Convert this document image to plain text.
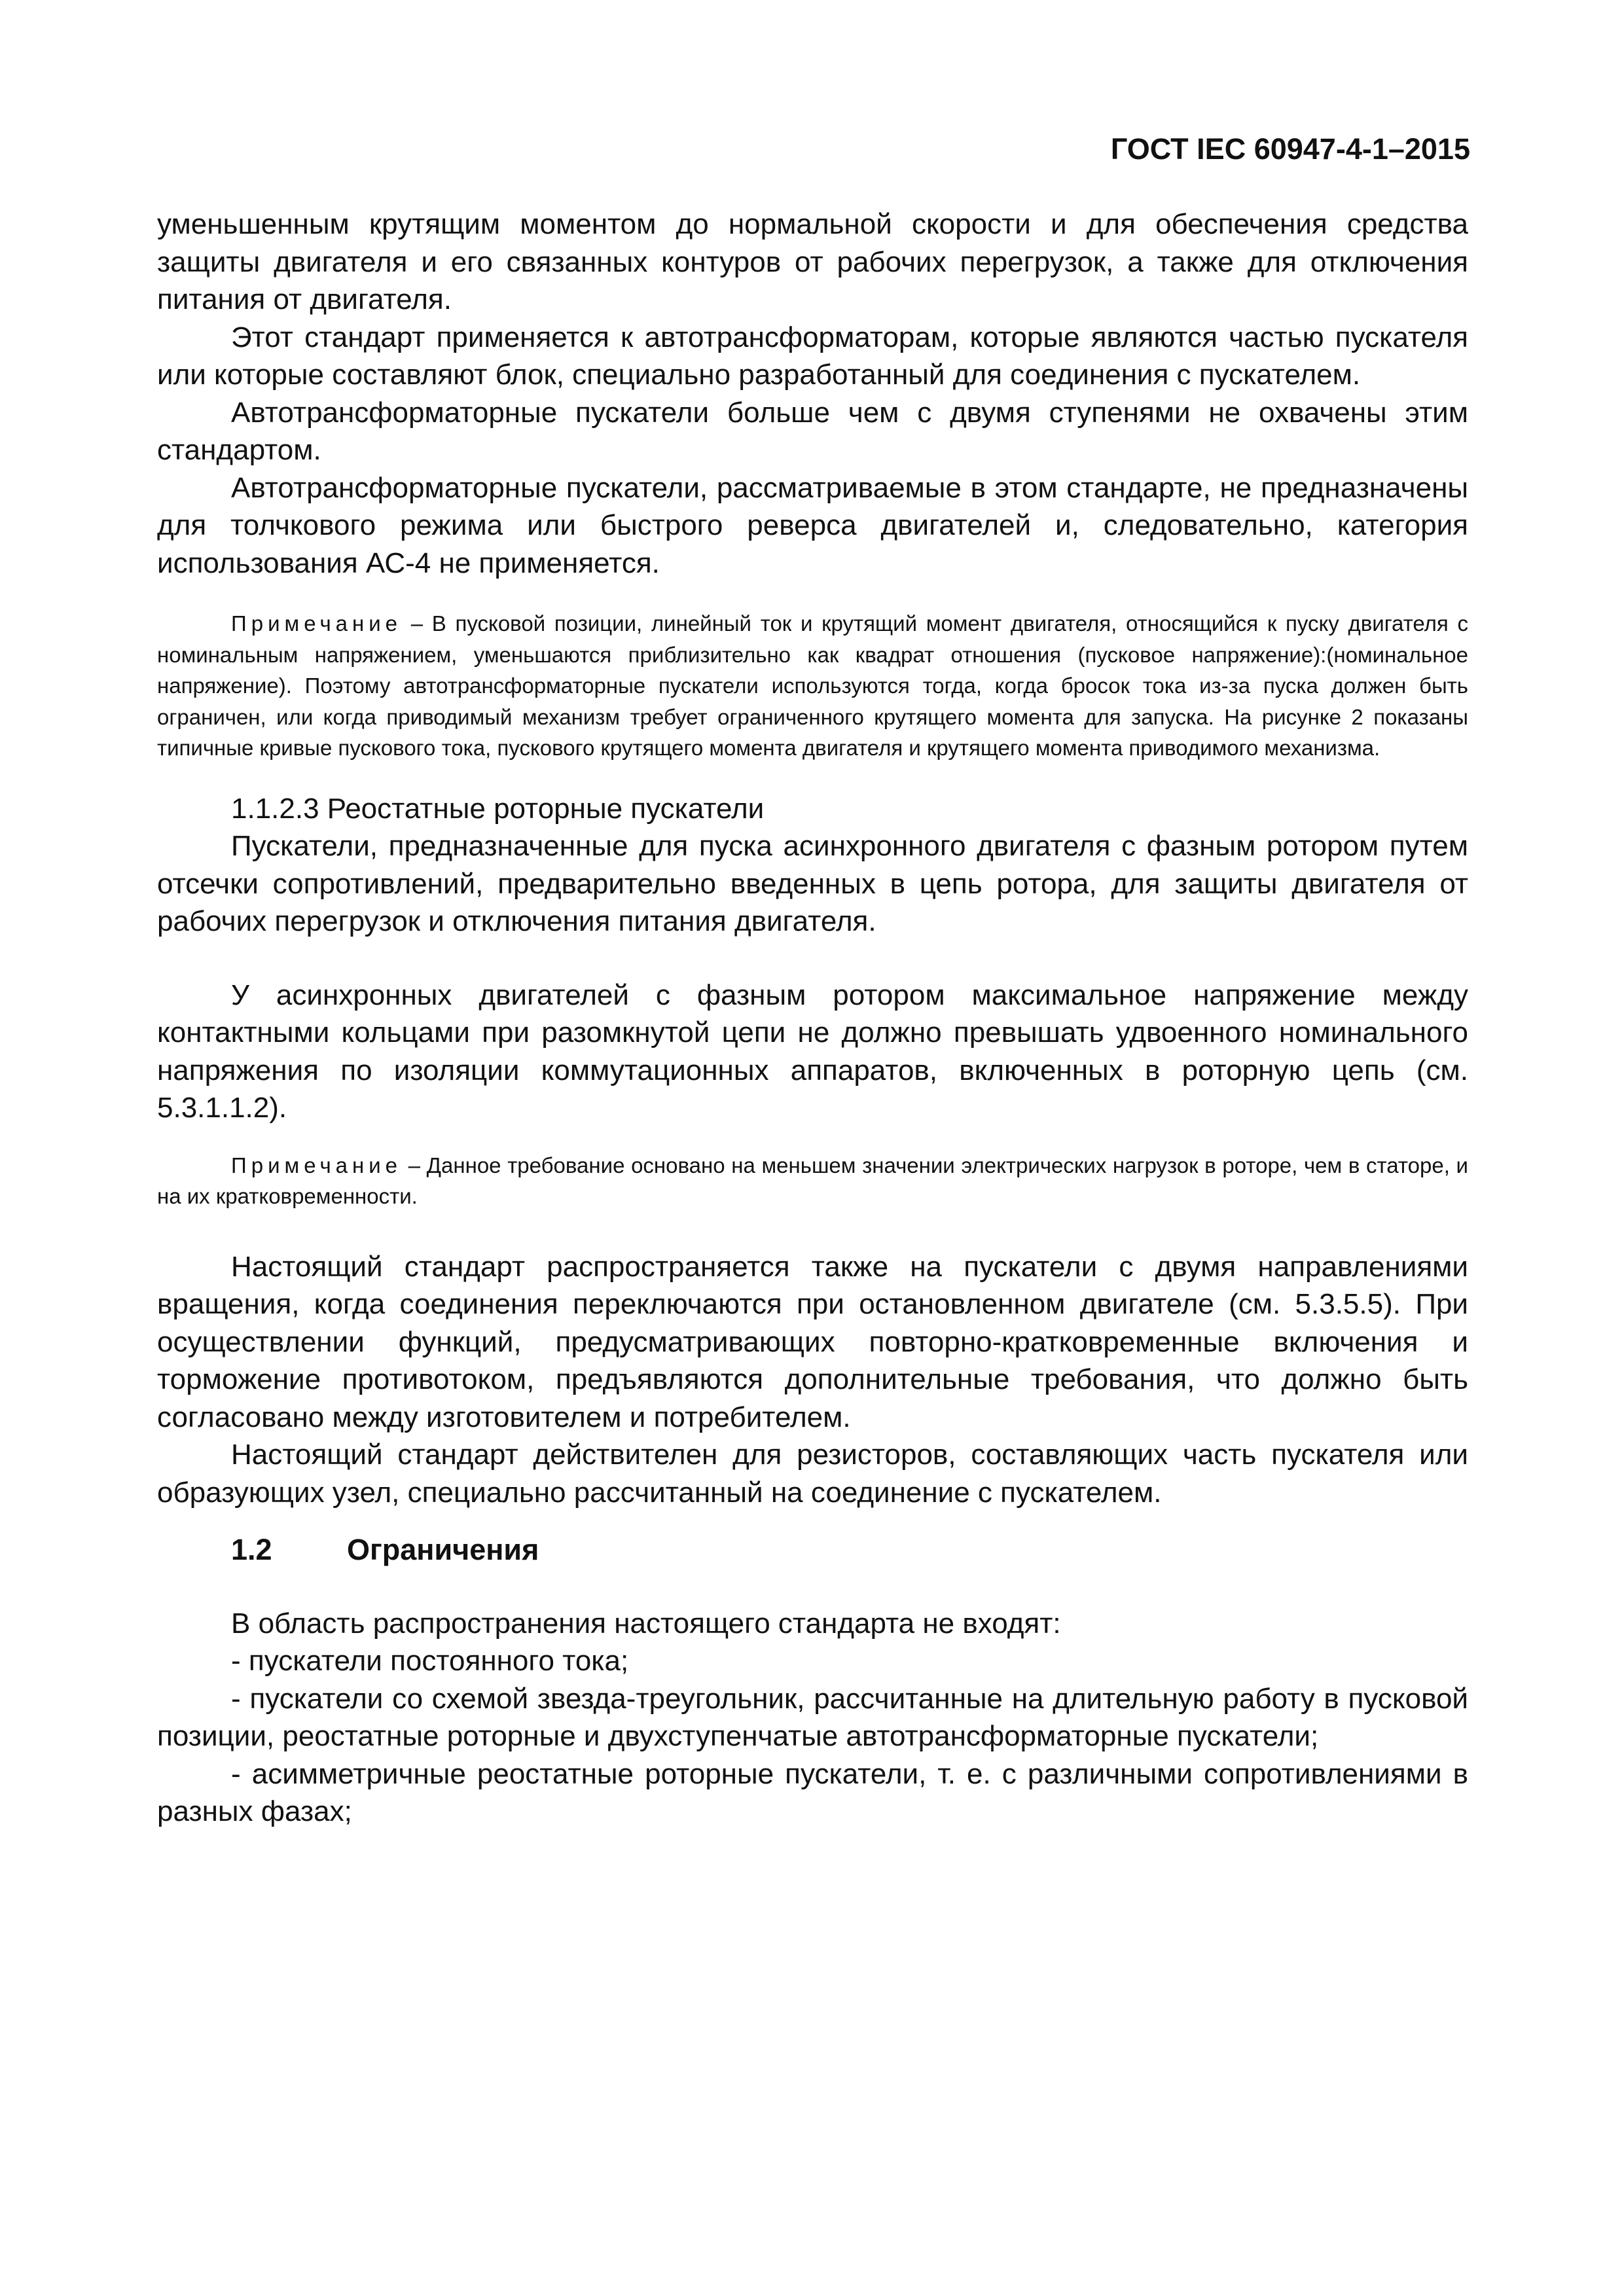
ГОСТ IEC 60947-4-1–2015

уменьшенным крутящим моментом до нормальной скорости и для обеспечения средства защиты двигателя и его связанных контуров от рабочих перегрузок, а также для отключения питания от двигателя.

Этот стандарт применяется к автотрансформаторам, которые являются частью пускателя или которые составляют блок, специально разработанный для соединения с пускателем.

Автотрансформаторные пускатели больше чем с двумя ступенями не охвачены этим стандартом.

Автотрансформаторные пускатели, рассматриваемые в этом стандарте, не предназначены для толчкового режима или быстрого реверса двигателей и, следовательно, категория использования АС-4 не применяется.

Примечание – В пусковой позиции, линейный ток и крутящий момент двигателя, относящийся к пуску двигателя с номинальным напряжением, уменьшаются приблизительно как квадрат отношения (пусковое напряжение):(номинальное напряжение). Поэтому автотрансформаторные пускатели используются тогда, когда бросок тока из-за пуска должен быть ограничен, или когда приводимый механизм требует ограниченного крутящего момента для запуска. На рисунке 2 показаны типичные кривые пускового тока, пускового крутящего момента двигателя и крутящего момента приводимого механизма.

1.1.2.3 Реостатные роторные пускатели

Пускатели, предназначенные для пуска асинхронного двигателя с фазным ротором путем отсечки сопротивлений, предварительно введенных в цепь ротора, для защиты двигателя от рабочих перегрузок и отключения питания двигателя.

У асинхронных двигателей с фазным ротором максимальное напряжение между контактными кольцами при разомкнутой цепи не должно превышать удвоенного номинального напряжения по изоляции коммутационных аппаратов, включенных в роторную цепь (см. 5.3.1.1.2).

Примечание – Данное требование основано на меньшем значении электрических нагрузок в роторе, чем в статоре, и на их кратковременности.

Настоящий стандарт распространяется также на пускатели с двумя направлениями вращения, когда соединения переключаются при остановленном двигателе (см. 5.3.5.5). При осуществлении функций, предусматривающих повторно-кратковременные включения и торможение противотоком, предъявляются дополнительные требования, что должно быть согласовано между изготовителем и потребителем.

Настоящий стандарт действителен для резисторов, составляющих часть пускателя или образующих узел, специально рассчитанный на соединение с пускателем.

1.2	Ограничения

В область распространения настоящего стандарта не входят:

- пускатели постоянного тока;

- пускатели со схемой звезда-треугольник, рассчитанные на длительную работу в пусковой позиции, реостатные роторные и двухступенчатые автотрансформаторные пускатели;

- асимметричные реостатные роторные пускатели, т. е. с различными сопротивлениями в разных фазах;
